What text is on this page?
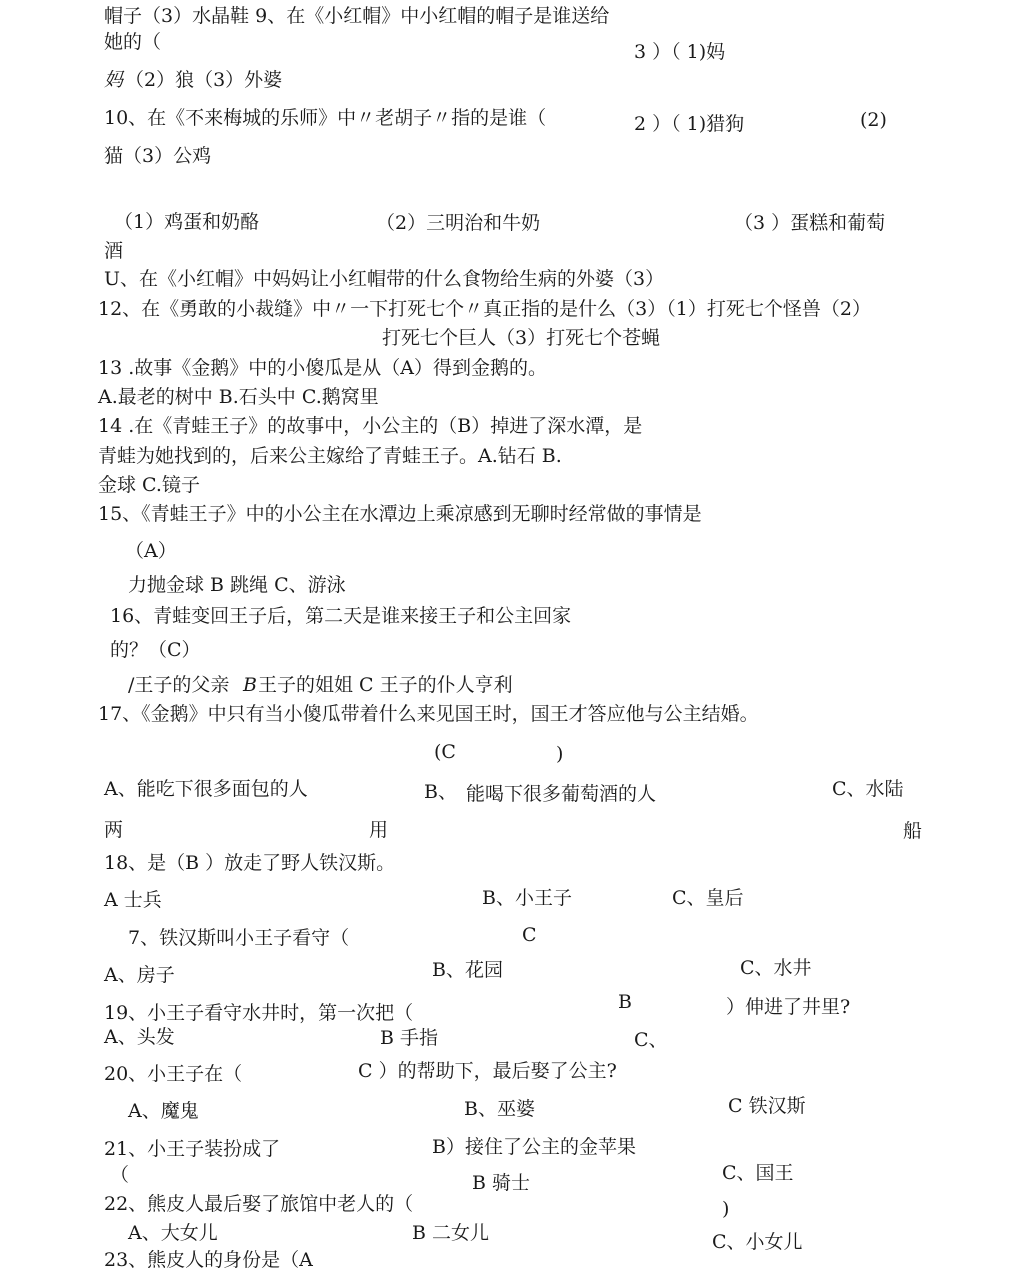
帽子（3）水晶鞋 9、在《小红帽》中小红帽的帽子是谁送给
她的（	3 ）（ 1)妈
妈 （2）狼（3）外婆
10、在《不来梅城的乐师》中〃老胡子〃指的是谁（	2 ）（ 1)猎狗	(2)
猫（3）公鸡
（1）鸡蛋和奶酪	（2）三明治和牛奶	（3 ）蛋糕和葡萄
酒
U、在《小红帽》中妈妈让小红帽带的什么食物给生病的外婆（3）
12、在《勇敢的小裁缝》中〃一下打死七个〃真正指的是什么（3）（1）打死七个怪兽（2）
打死七个巨人（3）打死七个苍蝇
13 .故事《金鹅》中的小傻瓜是从（A）得到金鹅的。
A.最老的树中 B.石头中 C.鹅窝里
14 .在《青蛙王子》的故事中，小公主的（B）掉进了深水潭，是
青蛙为她找到的，后来公主嫁给了青蛙王子。A.钻石 B.
金球 C.镜子
15、《青蛙王子》中的小公主在水潭边上乘凉感到无聊时经常做的事情是
（A）
力抛金球 B 跳绳 C、游泳
16、青蛙变回王子后，第二天是谁来接王子和公主回家
的？（C）
/王子的父亲 B 王子的姐姐 C 王子的仆人亨利
17、《金鹅》中只有当小傻瓜带着什么来见国王时，国王才答应他与公主结婚。
(C	)
A、能吃下很多面包的人	B、 能喝下很多葡萄酒的人	C、水陆
两	用	船
18、是（B ）放走了野人铁汉斯。
A 士兵	B、小王子	C、皇后
7、铁汉斯叫小王子看守（	C
A、房子	B、花园	C、水井
19、小王子看守水井时，第一次把（	B	）伸进了井里?
A、头发	B 手指	C、
20、小王子在（	C ）的帮助下，最后娶了公主?
A、魔鬼	B、巫婆	C 铁汉斯
21、小王子装扮成了	B）接住了公主的金苹果
（	B 骑士	C、国王
22、熊皮人最后娶了旅馆中老人的（	)
A、大女儿	B 二女儿	C、小女儿
23、熊皮人的身份是（A
